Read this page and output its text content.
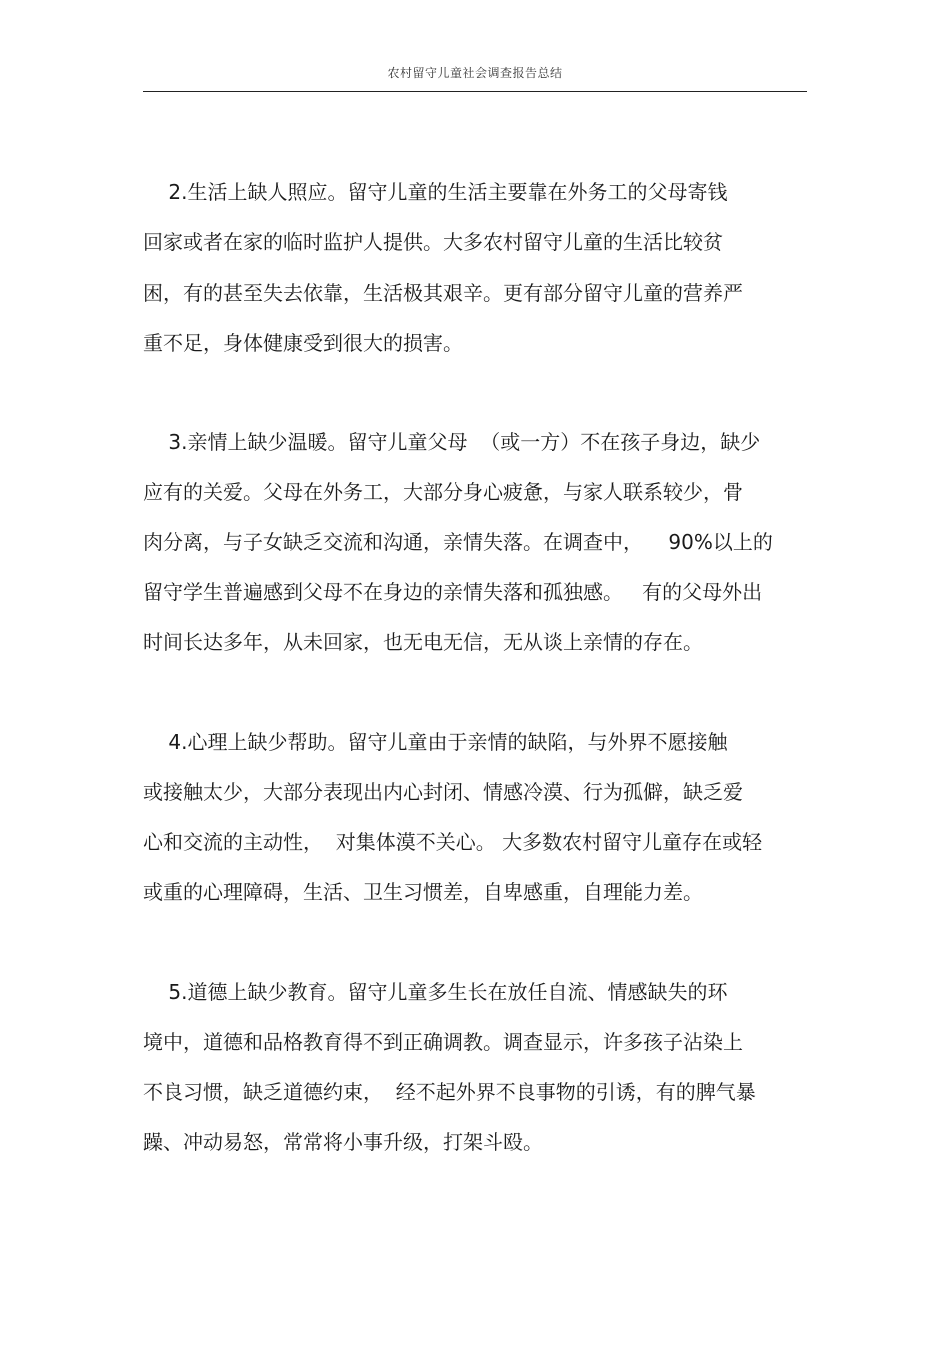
农村留守儿童社会调查报告总结
2.生活上缺人照应。留守儿童的生活主要靠在外务工的父母寄钱
回家或者在家的临时监护人提供。大多农村留守儿童的生活比较贫
困，有的甚至失去依靠，生活极其艰辛。更有部分留守儿童的营养严
重不足，身体健康受到很大的损害。
3.亲情上缺少温暖。留守儿童父母  （或一方）不在孩子身边，缺少
应有的关爱。父母在外务工，大部分身心疲惫，与家人联系较少，骨
肉分离，与子女缺乏交流和沟通，亲情失落。在调查中，    90%以上的
留守学生普遍感到父母不在身边的亲情失落和孤独感。   有的父母外出
时间长达多年，从未回家，也无电无信，无从谈上亲情的存在。
4.心理上缺少帮助。留守儿童由于亲情的缺陷，与外界不愿接触
或接触太少，大部分表现出内心封闭、情感冷漠、行为孤僻，缺乏爱
心和交流的主动性，  对集体漠不关心。 大多数农村留守儿童存在或轻
或重的心理障碍，生活、卫生习惯差，自卑感重，自理能力差。
5.道德上缺少教育。留守儿童多生长在放任自流、情感缺失的环
境中，道德和品格教育得不到正确调教。调查显示，许多孩子沾染上
不良习惯，缺乏道德约束，  经不起外界不良事物的引诱，有的脾气暴
躁、冲动易怒，常常将小事升级，打架斗殴。
